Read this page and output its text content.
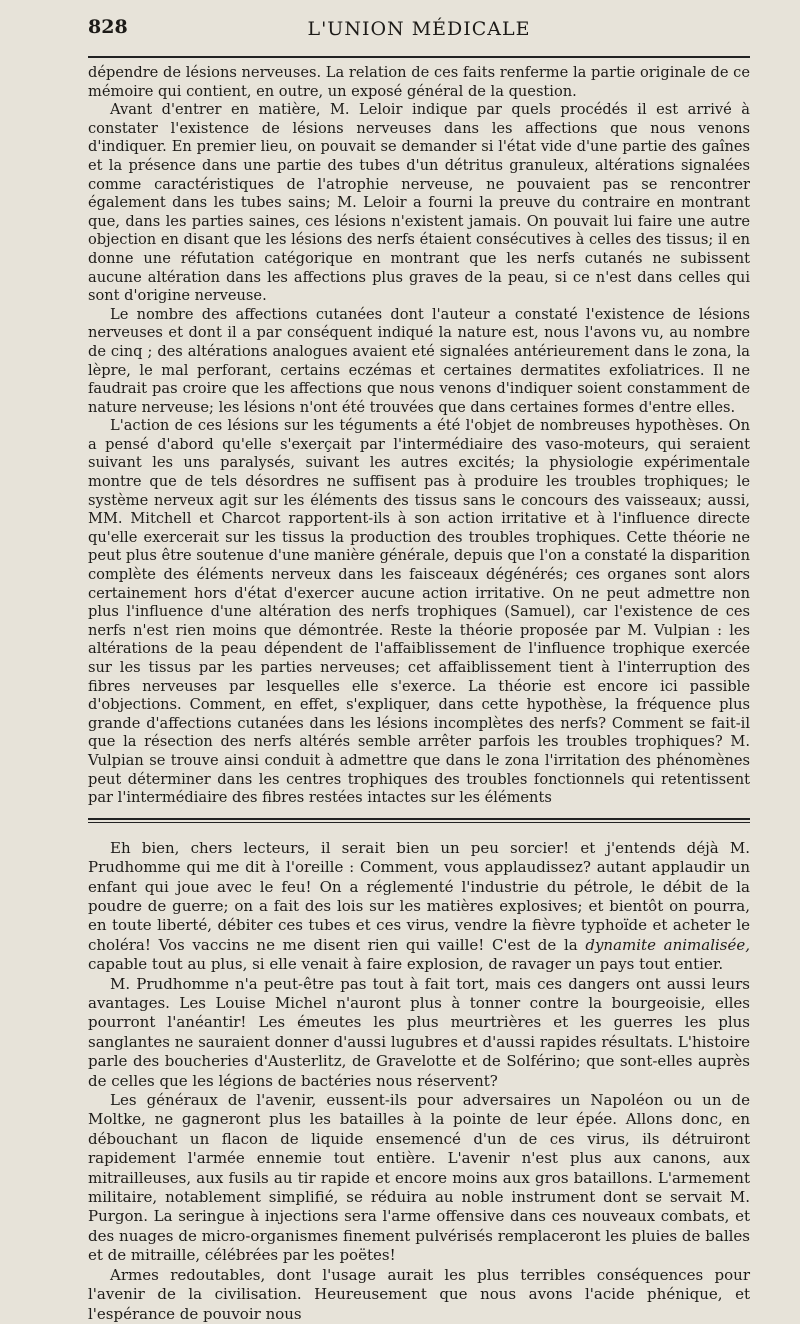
828	L'UNION MÉDICALE

dépendre de lésions nerveuses. La relation de ces faits renferme la partie originale de ce mémoire qui contient, en outre, un exposé général de la question.

Avant d'entrer en matière, M. Leloir indique par quels procédés il est arrivé à constater l'existence de lésions nerveuses dans les affections que nous venons d'indiquer. En premier lieu, on pouvait se demander si l'état vide d'une partie des gaînes et la présence dans une partie des tubes d'un détritus granuleux, altérations signalées comme caractéristiques de l'atrophie nerveuse, ne pouvaient pas se rencontrer également dans les tubes sains; M. Leloir a fourni la preuve du contraire en montrant que, dans les parties saines, ces lésions n'existent jamais. On pouvait lui faire une autre objection en disant que les lésions des nerfs étaient consécutives à celles des tissus; il en donne une réfutation catégorique en montrant que les nerfs cutanés ne subissent aucune altération dans les affections plus graves de la peau, si ce n'est dans celles qui sont d'origine nerveuse.

Le nombre des affections cutanées dont l'auteur a constaté l'existence de lésions nerveuses et dont il a par conséquent indiqué la nature est, nous l'avons vu, au nombre de cinq ; des altérations analogues avaient eté signalées antérieurement dans le zona, la lèpre, le mal perforant, certains eczémas et certaines dermatites exfoliatrices. Il ne faudrait pas croire que les affections que nous venons d'indiquer soient constamment de nature nerveuse; les lésions n'ont été trouvées que dans certaines formes d'entre elles.

L'action de ces lésions sur les téguments a été l'objet de nombreuses hypothèses. On a pensé d'abord qu'elle s'exerçait par l'intermédiaire des vaso-moteurs, qui seraient suivant les uns paralysés, suivant les autres excités; la physiologie expérimentale montre que de tels désordres ne suffisent pas à produire les troubles trophiques; le système nerveux agit sur les éléments des tissus sans le concours des vaisseaux; aussi, MM. Mitchell et Charcot rapportent-ils à son action irritative et à l'influence directe qu'elle exercerait sur les tissus la production des troubles trophiques. Cette théorie ne peut plus être soutenue d'une manière générale, depuis que l'on a constaté la disparition complète des éléments nerveux dans les faisceaux dégénérés; ces organes sont alors certainement hors d'état d'exercer aucune action irritative. On ne peut admettre non plus l'influence d'une altération des nerfs trophiques (Samuel), car l'existence de ces nerfs n'est rien moins que démontrée. Reste la théorie proposée par M. Vulpian : les altérations de la peau dépendent de l'affaiblissement de l'influence trophique exercée sur les tissus par les parties nerveuses; cet affaiblissement tient à l'interruption des fibres nerveuses par lesquelles elle s'exerce. La théorie est encore ici passible d'objections. Comment, en effet, s'expliquer, dans cette hypothèse, la fréquence plus grande d'affections cutanées dans les lésions incomplètes des nerfs? Comment se fait-il que la résection des nerfs altérés semble arrêter parfois les troubles trophiques? M. Vulpian se trouve ainsi conduit à admettre que dans le zona l'irritation des phénomènes peut déterminer dans les centres trophiques des troubles fonctionnels qui retentissent par l'intermédiaire des fibres restées intactes sur les éléments

Eh bien, chers lecteurs, il serait bien un peu sorcier! et j'entends déjà M. Prudhomme qui me dit à l'oreille : Comment, vous applaudissez? autant applaudir un enfant qui joue avec le feu! On a réglementé l'industrie du pétrole, le débit de la poudre de guerre; on a fait des lois sur les matières explosives; et bientôt on pourra, en toute liberté, débiter ces tubes et ces virus, vendre la fièvre typhoïde et acheter le choléra! Vos vaccins ne me disent rien qui vaille! C'est de la dynamite animalisée, capable tout au plus, si elle venait à faire explosion, de ravager un pays tout entier.

M. Prudhomme n'a peut-être pas tout à fait tort, mais ces dangers ont aussi leurs avantages. Les Louise Michel n'auront plus à tonner contre la bourgeoisie, elles pourront l'anéantir! Les émeutes les plus meurtrières et les guerres les plus sanglantes ne sauraient donner d'aussi lugubres et d'aussi rapides résultats. L'histoire parle des boucheries d'Austerlitz, de Gravelotte et de Solférino; que sont-elles auprès de celles que les légions de bactéries nous réservent?

Les généraux de l'avenir, eussent-ils pour adversaires un Napoléon ou un de Moltke, ne gagneront plus les batailles à la pointe de leur épée. Allons donc, en débouchant un flacon de liquide ensemencé d'un de ces virus, ils détruiront rapidement l'armée ennemie tout entière. L'avenir n'est plus aux canons, aux mitrailleuses, aux fusils au tir rapide et encore moins aux gros bataillons. L'armement militaire, notablement simplifié, se réduira au noble instrument dont se servait M. Purgon. La seringue à injections sera l'arme offensive dans ces nouveaux combats, et des nuages de micro-organismes finement pulvérisés remplaceront les pluies de balles et de mitraille, célébrées par les poëtes!

Armes redoutables, dont l'usage aurait les plus terribles conséquences pour l'avenir de la civilisation. Heureusement que nous avons l'acide phénique, et l'espérance de pouvoir nous
